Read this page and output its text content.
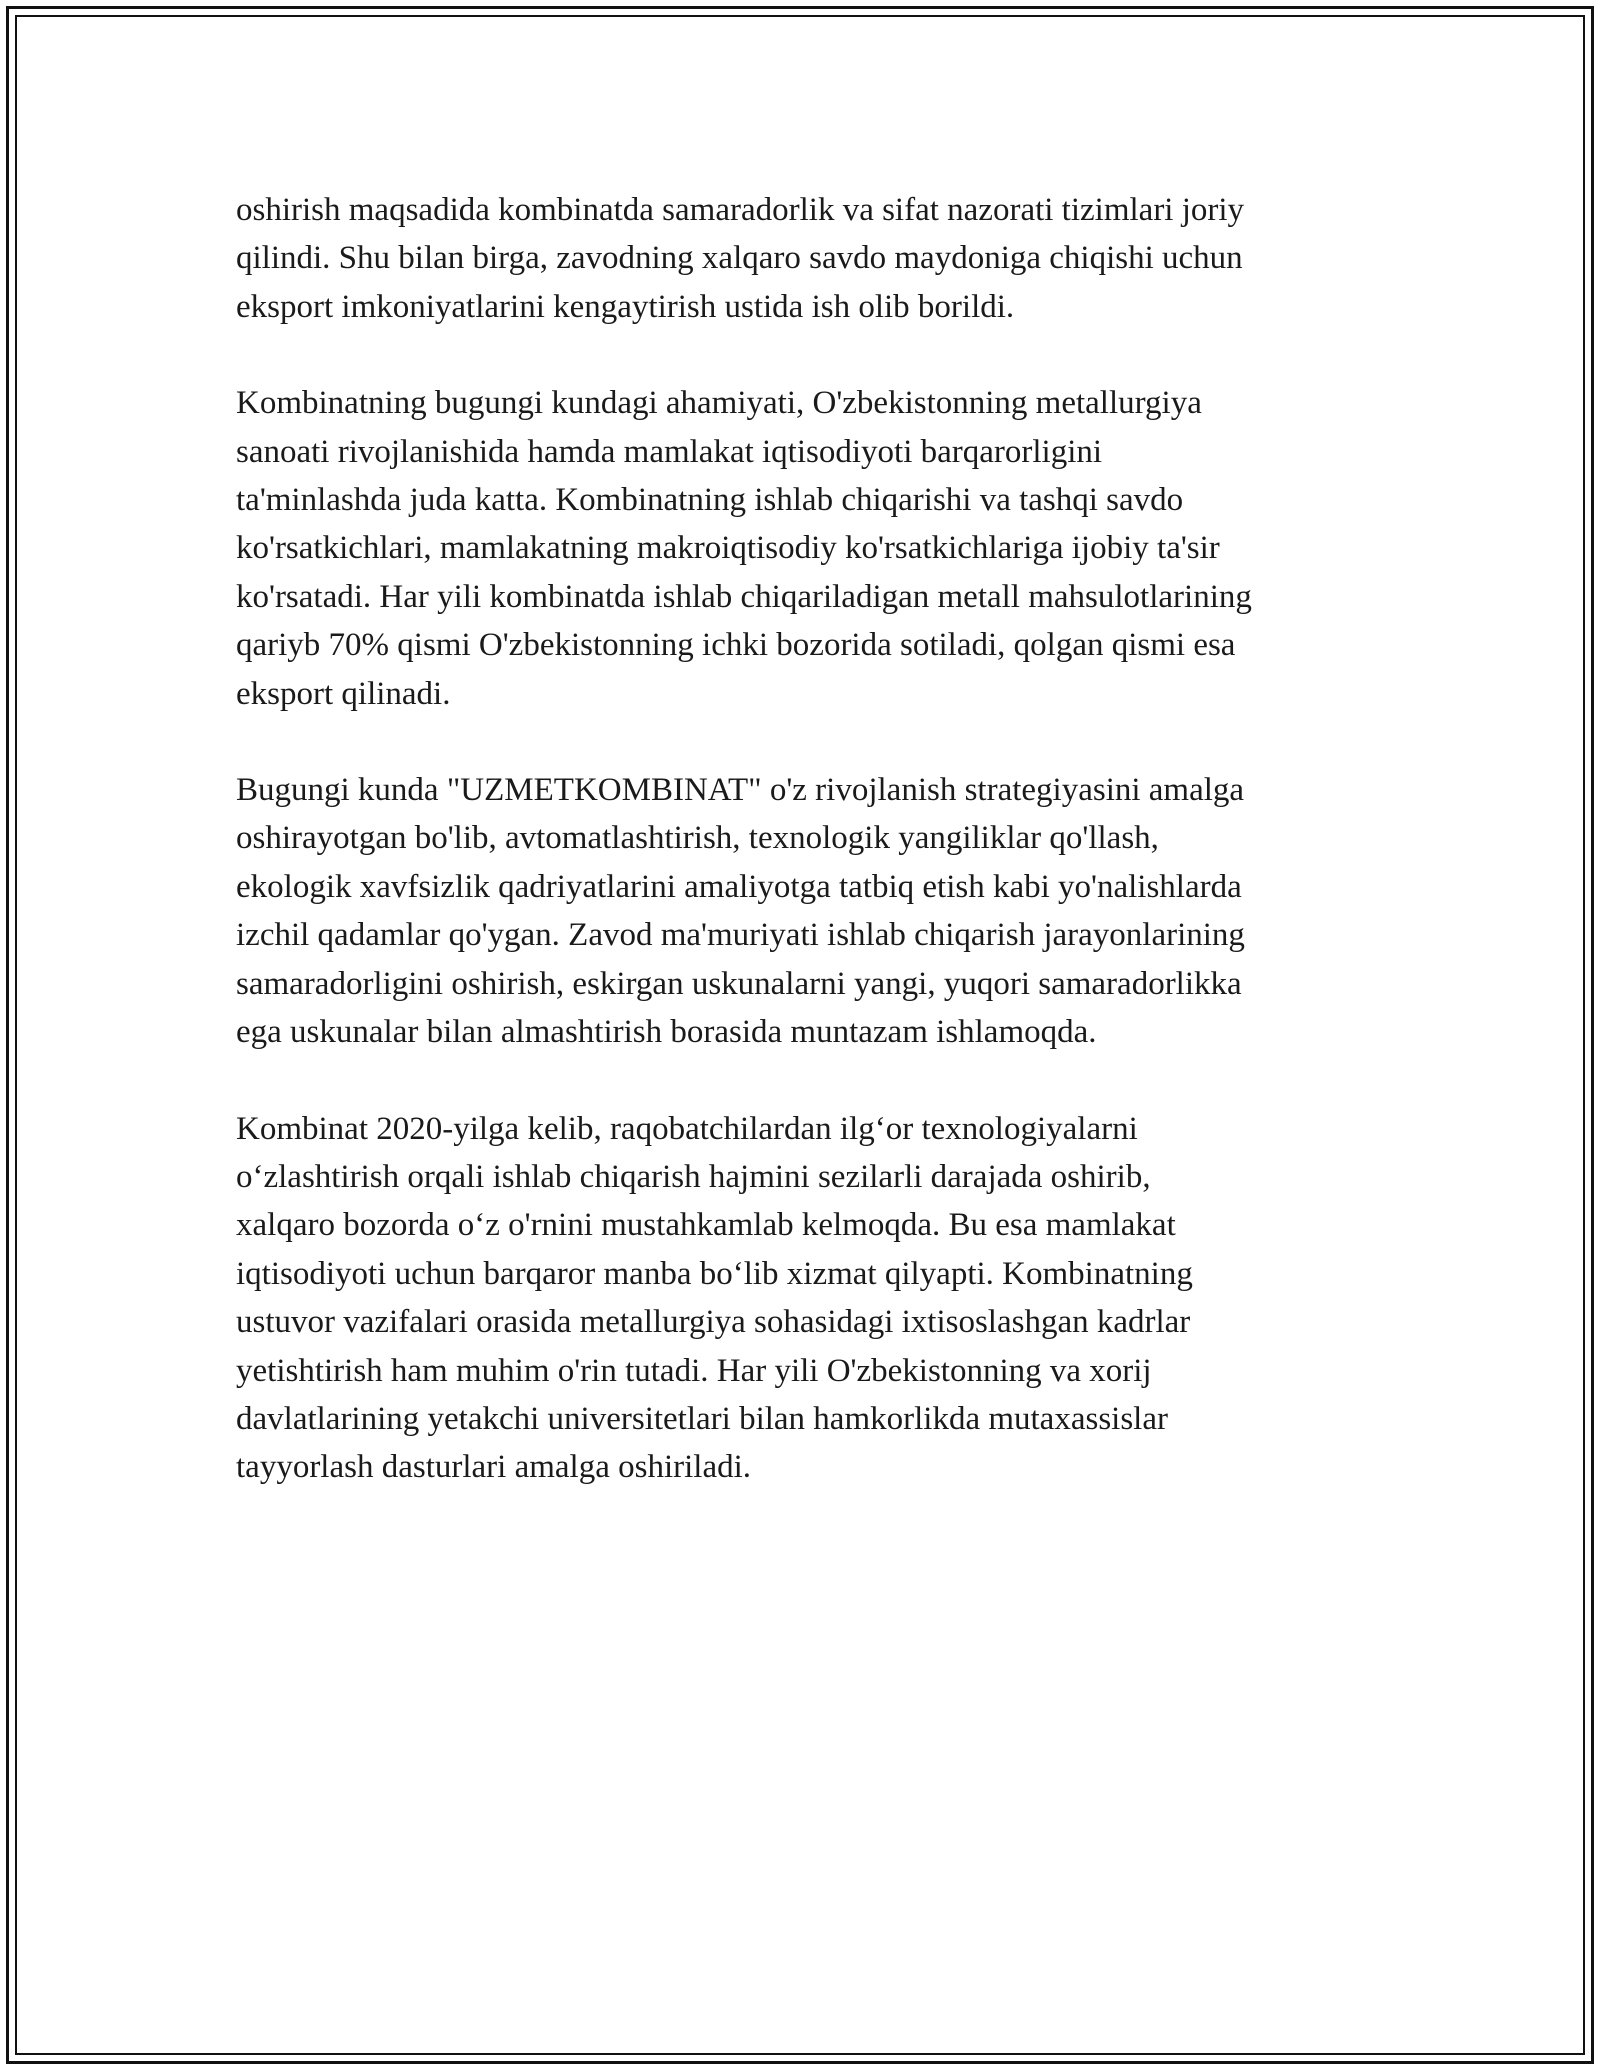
oshirish maqsadida kombinatda samaradorlik va sifat nazorati tizimlari joriy
qilindi. Shu bilan birga, zavodning xalqaro savdo maydoniga chiqishi uchun
eksport imkoniyatlarini kengaytirish ustida ish olib borildi.

Kombinatning bugungi kundagi ahamiyati, O'zbekistonning metallurgiya
sanoati rivojlanishida hamda mamlakat iqtisodiyoti barqarorligini
ta'minlashda juda katta. Kombinatning ishlab chiqarishi va tashqi savdo
ko'rsatkichlari, mamlakatning makroiqtisodiy ko'rsatkichlariga ijobiy ta'sir
ko'rsatadi. Har yili kombinatda ishlab chiqariladigan metall mahsulotlarining
qariyb 70% qismi O'zbekistonning ichki bozorida sotiladi, qolgan qismi esa
eksport qilinadi.

Bugungi kunda "UZMETKOMBINAT" o'z rivojlanish strategiyasini amalga
oshirayotgan bo'lib, avtomatlashtirish, texnologik yangiliklar qo'llash,
ekologik xavfsizlik qadriyatlarini amaliyotga tatbiq etish kabi yo'nalishlarda
izchil qadamlar qo'ygan. Zavod ma'muriyati ishlab chiqarish jarayonlarining
samaradorligini oshirish, eskirgan uskunalarni yangi, yuqori samaradorlikka
ega uskunalar bilan almashtirish borasida muntazam ishlamoqda.

Kombinat 2020-yilga kelib, raqobatchilardan ilg‘or texnologiyalarni
o‘zlashtirish orqali ishlab chiqarish hajmini sezilarli darajada oshirib,
xalqaro bozorda o‘z o'rnini mustahkamlab kelmoqda. Bu esa mamlakat
iqtisodiyoti uchun barqaror manba bo‘lib xizmat qilyapti. Kombinatning
ustuvor vazifalari orasida metallurgiya sohasidagi ixtisoslashgan kadrlar
yetishtirish ham muhim o'rin tutadi. Har yili O'zbekistonning va xorij
davlatlarining yetakchi universitetlari bilan hamkorlikda mutaxassislar
tayyorlash dasturlari amalga oshiriladi.
